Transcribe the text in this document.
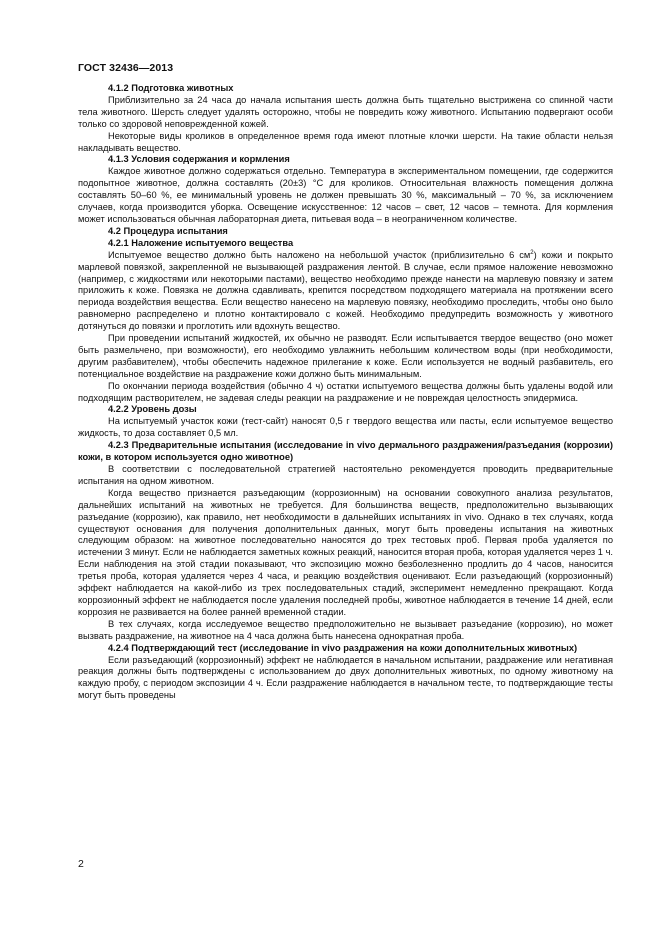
ГОСТ 32436—2013

4.1.2 Подготовка животных

Приблизительно за 24 часа до начала испытания шесть должна быть тщательно выстрижена со спинной части тела животного. Шерсть следует удалять осторожно, чтобы не повредить кожу животного. Испытанию подвергают особи только со здоровой неповрежденной кожей.

Некоторые виды кроликов в определенное время года имеют плотные клочки шерсти. На такие области нельзя накладывать вещество.

4.1.3 Условия содержания и кормления

Каждое животное должно содержаться отдельно. Температура в экспериментальном помещении, где содержится подопытное животное, должна составлять (20±3) °С для кроликов. Относительная влажность помещения должна составлять 50–60 %, ее минимальный уровень не должен превышать 30 %, максимальный – 70 %, за исключением случаев, когда производится уборка. Освещение искусственное: 12 часов – свет, 12 часов – темнота. Для кормления может использоваться обычная лабораторная диета, питьевая вода – в неограниченном количестве.

4.2 Процедура испытания

4.2.1 Наложение испытуемого вещества

Испытуемое вещество должно быть наложено на небольшой участок (приблизительно 6 $см^2$) кожи и покрыто марлевой повязкой, закрепленной не вызывающей раздражения лентой. В случае, если прямое наложение невозможно (например, с жидкостями или некоторыми пастами), вещество необходимо прежде нанести на марлевую повязку и затем приложить к коже. Повязка не должна сдавливать, крепится посредством подходящего материала на протяжении всего периода воздействия вещества. Если вещество нанесено на марлевую повязку, необходимо проследить, чтобы оно было равномерно распределено и плотно контактировало с кожей. Необходимо предупредить возможность у животного дотянуться до повязки и проглотить или вдохнуть вещество.

При проведении испытаний жидкостей, их обычно не разводят. Если испытывается твердое вещество (оно может быть размельчено, при возможности), его необходимо увлажнить небольшим количеством воды (при необходимости, другим разбавителем), чтобы обеспечить надежное прилегание к коже. Если используется не водный разбавитель, его потенциальное воздействие на раздражение кожи должно быть минимальным.

По окончании периода воздействия (обычно 4 ч) остатки испытуемого вещества должны быть удалены водой или подходящим растворителем, не задевая следы реакции на раздражение и не повреждая целостность эпидермиса.

4.2.2 Уровень дозы

На испытуемый участок кожи (тест-сайт) наносят 0,5 г твердого вещества или пасты, если испытуемое вещество жидкость, то доза составляет 0,5 мл.

4.2.3 Предварительные испытания (исследование in vivo дермального раздражения/разъедания (коррозии) кожи, в котором используется одно животное)

В соответствии с последовательной стратегией настоятельно рекомендуется проводить предварительные испытания на одном животном.

Когда вещество признается разъедающим (коррозионным) на основании совокупного анализа результатов, дальнейших испытаний на животных не требуется. Для большинства веществ, предположительно вызывающих разъедание (коррозию), как правило, нет необходимости в дальнейших испытаниях in vivo. Однако в тех случаях, когда существуют основания для получения дополнительных данных, могут быть проведены испытания на животных следующим образом: на животное последовательно наносятся до трех тестовых проб. Первая проба удаляется по истечении 3 минут. Если не наблюдается заметных кожных реакций, наносится вторая проба, которая удаляется через 1 ч. Если наблюдения на этой стадии показывают, что экспозицию можно безболезненно продлить до 4 часов, наносится третья проба, которая удаляется через 4 часа, и реакцию воздействия оценивают. Если разъедающий (коррозионный) эффект наблюдается на какой-либо из трех последовательных стадий, эксперимент немедленно прекращают. Когда коррозионный эффект не наблюдается после удаления последней пробы, животное наблюдается в течение 14 дней, если коррозия не развивается на более ранней временной стадии.

В тех случаях, когда исследуемое вещество предположительно не вызывает разъедание (коррозию), но может вызвать раздражение, на животное на 4 часа должна быть нанесена однократная проба.

4.2.4 Подтверждающий тест (исследование in vivo раздражения на кожи дополнительных животных)

Если разъедающий (коррозионный) эффект не наблюдается в начальном испытании, раздражение или негативная реакция должны быть подтверждены с использованием до двух дополнительных животных, по одному животному на каждую пробу, с периодом экспозиции 4 ч. Если раздражение наблюдается в начальном тесте, то подтверждающие тесты могут быть проведены

2
